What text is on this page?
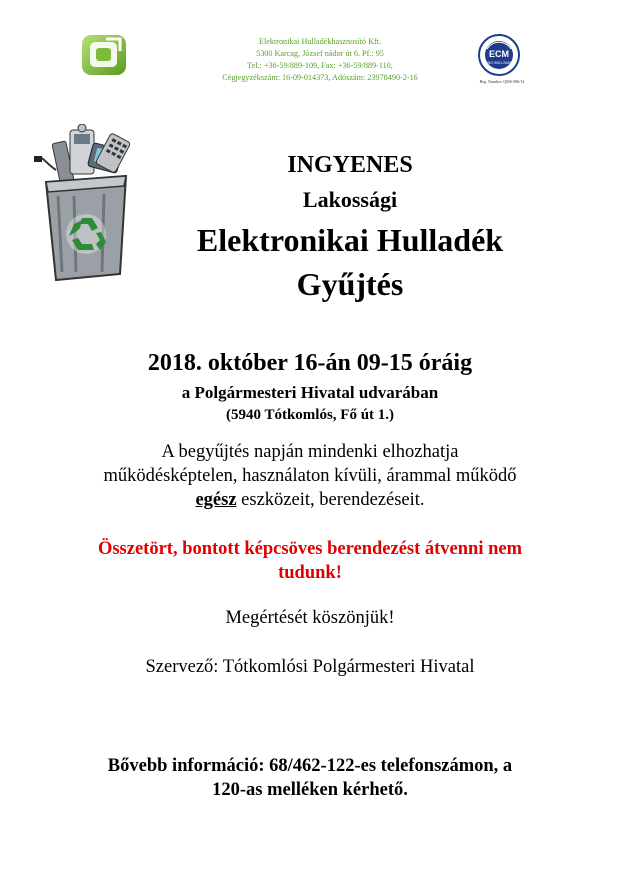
Elektronikai Hulladékhasznosító Kft.
5300 Karcag, József nádor út 6. Pf.: 95
Tel.: +36-59/889-109, Fax: +36-59/889-110,
Cégjegyzékszám: 16-09-014373, Adószám: 23978490-2-16
ECM
ISO 9001:2008
Reg. Number: QMS-586/14
INGYENES
Lakossági
Elektronikai Hulladék
Gyűjtés
2018. október 16-án 09-15 óráig
a Polgármesteri Hivatal udvarában
(5940 Tótkomlós, Fő út 1.)
A begyűjtés napján mindenki elhozhatja
működésképtelen, használaton kívüli, árammal működő
egész eszközeit, berendezéseit.
Összetört, bontott képcsöves berendezést átvenni nem
tudunk!
Megértését köszönjük!
Szervező: Tótkomlósi Polgármesteri Hivatal
Bővebb információ: 68/462-122-es telefonszámon, a
120-as melléken kérhető.
